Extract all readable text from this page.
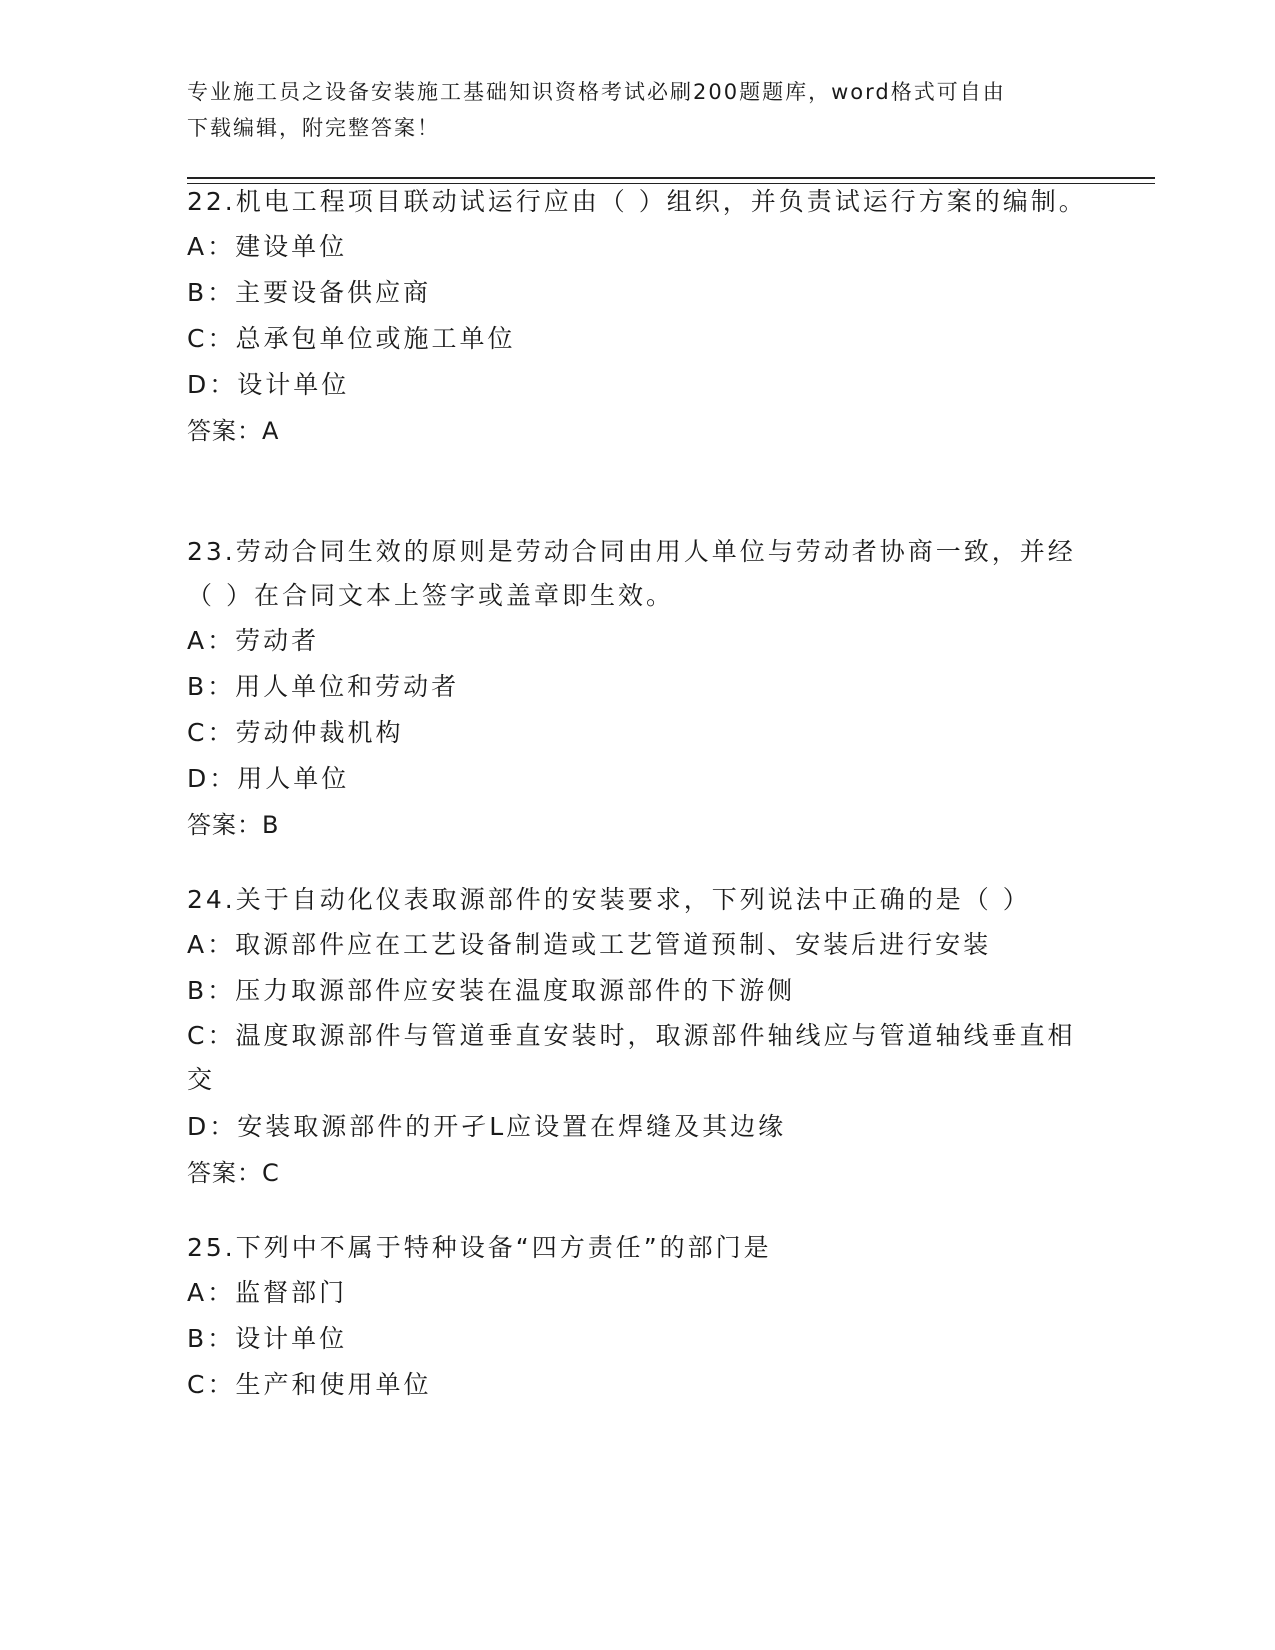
专业施工员之设备安装施工基础知识资格考试必刷200题题库，word格式可自由
下载编辑，附完整答案！
22.机电工程项目联动试运行应由（ ）组织，并负责试运行方案的编制。
A：建设单位
B：主要设备供应商
C：总承包单位或施工单位
D：设计单位
答案：A
23.劳动合同生效的原则是劳动合同由用人单位与劳动者协商一致，并经（ ）在合同文本上签字或盖章即生效。
A：劳动者
B：用人单位和劳动者
C：劳动仲裁机构
D：用人单位
答案：B
24.关于自动化仪表取源部件的安装要求，下列说法中正确的是（ ）
A：取源部件应在工艺设备制造或工艺管道预制、安装后进行安装
B：压力取源部件应安装在温度取源部件的下游侧
C：温度取源部件与管道垂直安装时，取源部件轴线应与管道轴线垂直相交
D：安装取源部件的开孑L应设置在焊缝及其边缘
答案：C
25.下列中不属于特种设备“四方责任”的部门是
A：监督部门
B：设计单位
C：生产和使用单位
